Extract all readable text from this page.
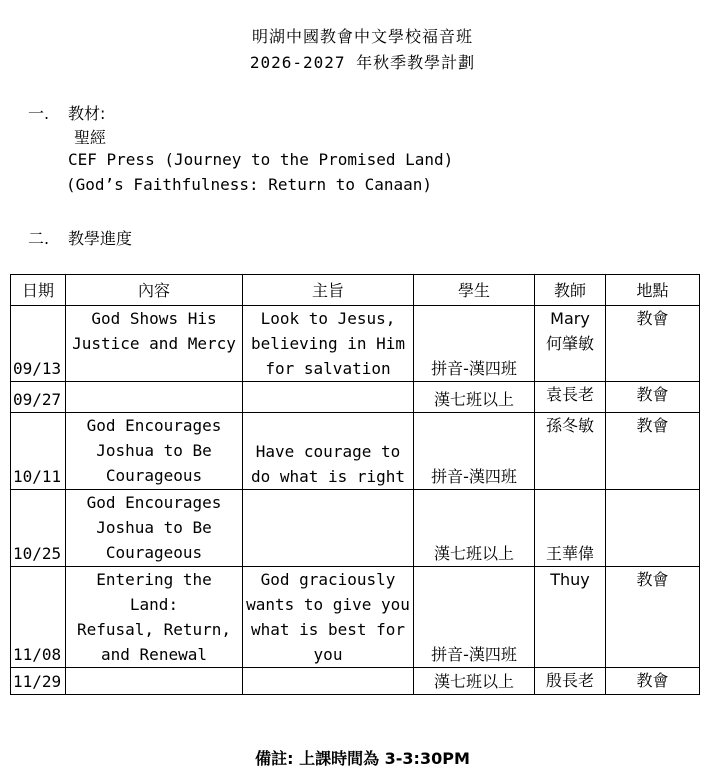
明湖中國教會中文學校福音班
2026-2027 年秋季教學計劃
一. 教材:
聖經
CEF Press (Journey to the Promised Land)
(God’s Faithfulness: Return to Canaan)
二. 教學進度
日期	內容	主旨	學生	教師	地點
09/13	God Shows His
Justice and Mercy	Look to Jesus,
believing in Him
for salvation	拼音-漢四班	Mary
何肇敏	教會
09/27			漢七班以上	袁長老	教會
10/11	God Encourages
Joshua to Be
Courageous	Have courage to
do what is right	拼音-漢四班	孫冬敏	教會
10/25	God Encourages
Joshua to Be
Courageous		漢七班以上	王華偉	
11/08	Entering the Land:
Refusal, Return,
and Renewal	God graciously
wants to give you
what is best for
you	拼音-漢四班	Thuy	教會
11/29			漢七班以上	殷長老	教會
備註: 上課時間為 3-3:30PM
